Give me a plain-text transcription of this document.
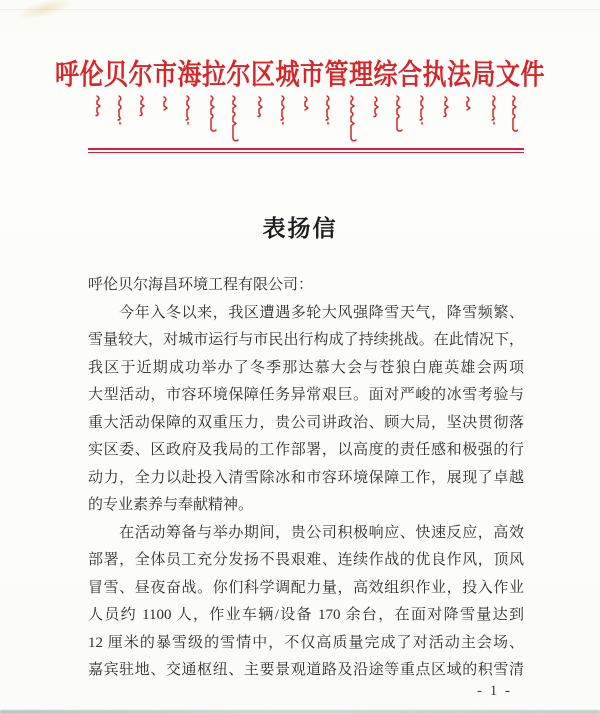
呼伦贝尔市海拉尔区城市管理综合执法局文件
表扬信
呼伦贝尔海昌环境工程有限公司：
　　今年入冬以来，我区遭遇多轮大风强降雪天气，降雪频繁、
雪量较大，对城市运行与市民出行构成了持续挑战。在此情况下，
我区于近期成功举办了冬季那达慕大会与苍狼白鹿英雄会两项
大型活动，市容环境保障任务异常艰巨。面对严峻的冰雪考验与
重大活动保障的双重压力，贵公司讲政治、顾大局，坚决贯彻落
实区委、区政府及我局的工作部署，以高度的责任感和极强的行
动力，全力以赴投入清雪除冰和市容环境保障工作，展现了卓越
的专业素养与奉献精神。
　　在活动筹备与举办期间，贵公司积极响应、快速反应，高效
部署，全体员工充分发扬不畏艰难、连续作战的优良作风，顶风
冒雪、昼夜奋战。你们科学调配力量，高效组织作业，投入作业
人员约 1100 人，作业车辆/设备 170 余台，在面对降雪量达到
12 厘米的暴雪级的雪情中，不仅高质量完成了对活动主会场、
嘉宾驻地、交通枢纽、主要景观道路及沿途等重点区域的积雪清
- 1 -
